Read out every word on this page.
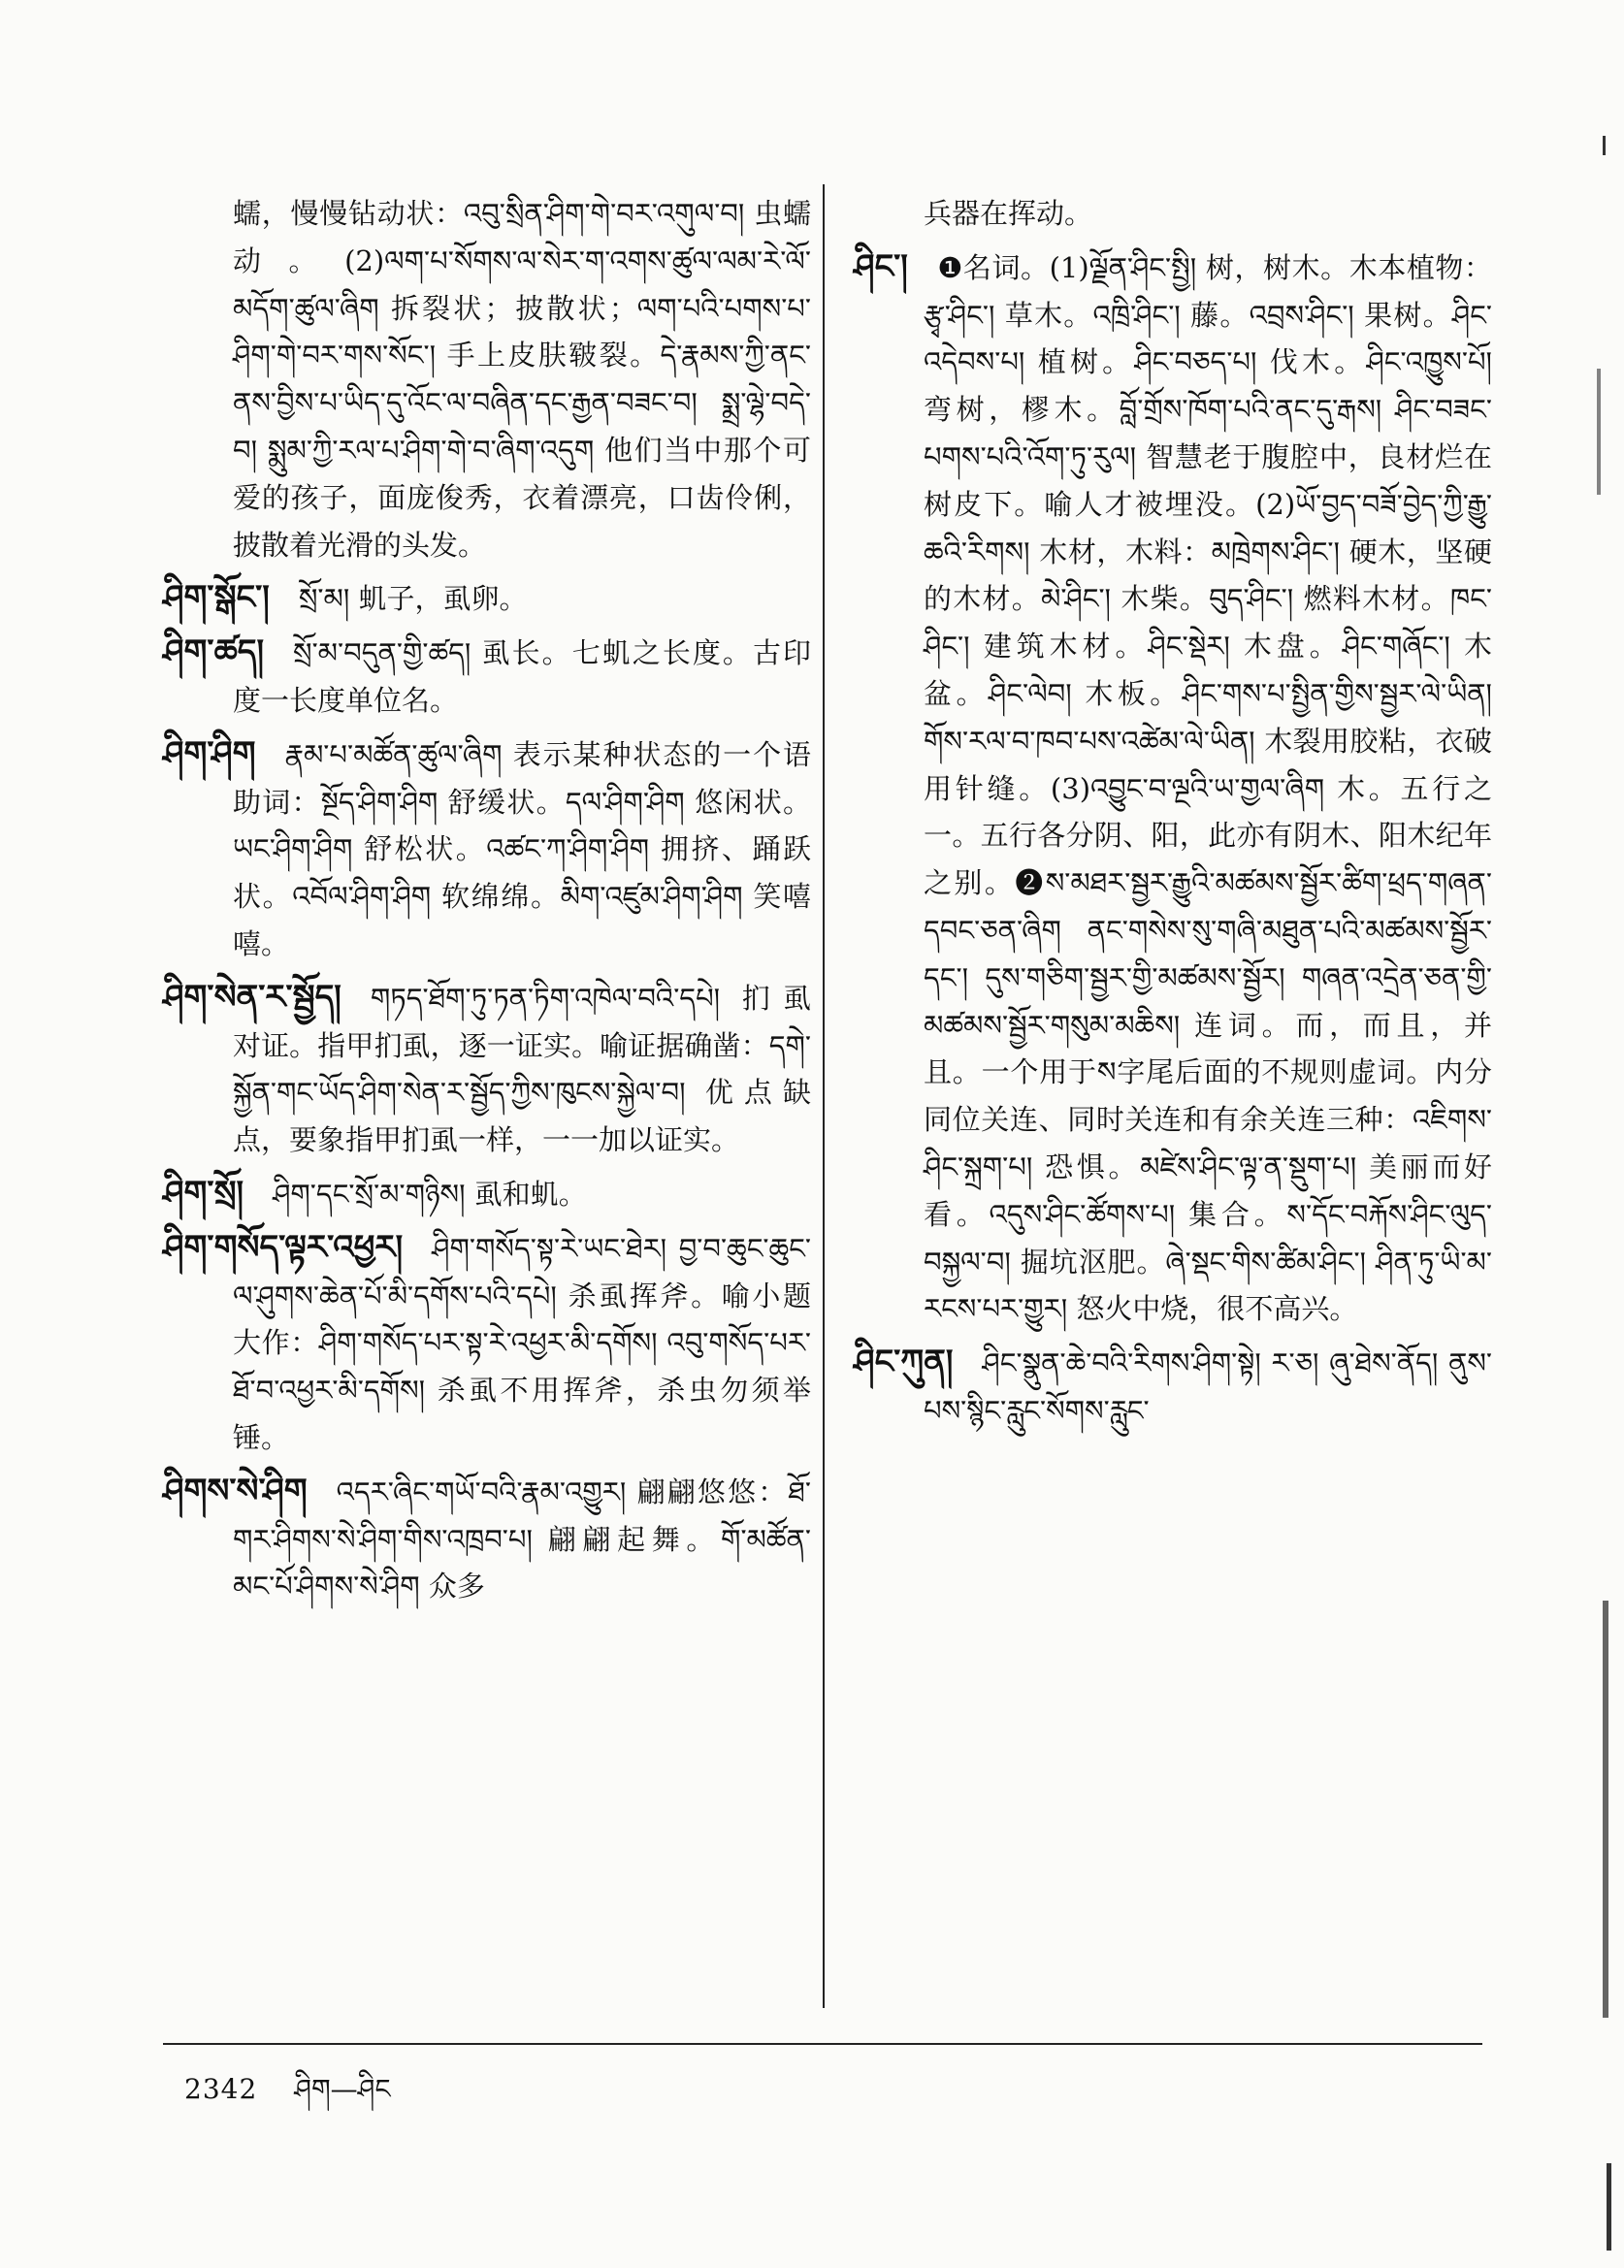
蠕，慢慢钻动状：འབུ་སྲིན་ཤིག་གེ་བར་འགུལ་བ། 虫蠕动。(2)ལག་པ་སོགས་ལ་སེར་ག་འགས་ཚུལ་ལམ་རེ་ལོ་མདོག་ཚུལ་ཞིག 拆裂状；披散状；ལག་པའི་པགས་པ་ཤིག་གེ་བར་གས་སོང་། 手上皮肤皲裂。དེ་རྣམས་ཀྱི་ནང་ནས་བྱིས་པ་ཡིད་དུ་འོང་ལ་བཞིན་དང་རྒྱན་བཟང་བ། སྨྲ་ལྷེ་བདེ་བ། སྨུམ་ཀྱི་རལ་པ་ཤིག་གེ་བ་ཞིག་འདུག 他们当中那个可爱的孩子，面庞俊秀，衣着漂亮，口齿伶俐，披散着光滑的头发。

ཤིག་སྒོང་། སྲོ་མ། 虮子，虱卵。

ཤིག་ཚད། སྲོ་མ་བདུན་གྱི་ཚད། 虱长。七虮之长度。古印度一长度单位名。

ཤིག་ཤིག རྣམ་པ་མཚོན་ཚུལ་ཞིག 表示某种状态的一个语助词：སྔོད་ཤིག་ཤིག 舒缓状。དལ་ཤིག་ཤིག 悠闲状。ཡང་ཤིག་ཤིག 舒松状。འཚང་ཀ་ཤིག་ཤིག 拥挤、踊跃状。འབོལ་ཤིག་ཤིག 软绵绵。མིག་འཛུམ་ཤིག་ཤིག 笑嘻嘻。

ཤིག་སེན་ར་སྦྱོད། གཏད་ཐོག་ཏུ་ཏན་ཏིག་འཁེལ་བའི་དཔེ། 扪虱对证。指甲扪虱，逐一证实。喻证据确凿：དགེ་སྐྱོན་གང་ཡོད་ཤིག་སེན་ར་སྦྱོད་ཀྱིས་ཁུངས་སྐྱེལ་བ། 优点缺点，要象指甲扪虱一样，一一加以证实。

ཤིག་སྲོ། ཤིག་དང་སྲོ་མ་གཉིས། 虱和虮。

ཤིག་གསོད་ལྟར་འཕྱར། ཤིག་གསོད་སྟ་རེ་ཡང་ཐེར། བྱ་བ་ཆུང་ཆུང་ལ་ཤུགས་ཆེན་པོ་མི་དགོས་པའི་དཔེ། 杀虱挥斧。喻小题大作：ཤིག་གསོད་པར་སྟ་རེ་འཕྱར་མི་དགོས། འབུ་གསོད་པར་ཐོ་བ་འཕྱར་མི་དགོས། 杀虱不用挥斧，杀虫勿须举锤。

ཤིགས་སེ་ཤིག འདར་ཞིང་གཡོ་བའི་རྣམ་འགྱུར། 翩翩悠悠：ཐོ་གར་ཤིགས་སེ་ཤིག་གིས་འཁྲབ་པ། 翩翩起舞。གོ་མཚོན་མང་པོ་ཤིགས་སེ་ཤིག 众多

兵器在挥动。

ཤིང་། ❶名词。(1)ལྗོན་ཤིང་སྤྱི། 树，树木。木本植物：རྩྭ་ཤིང་། 草木。འཁྲི་ཤིང་། 藤。འབྲས་ཤིང་། 果树。ཤིང་འདེབས་པ། 植树。ཤིང་བཅད་པ། 伐木。ཤིང་འཁྱུས་པོ། 弯树，樛木。བློ་གྲོས་ཁོག་པའི་ནང་དུ་རྒས། ཤིང་བཟང་པགས་པའི་འོག་ཏུ་རུལ། 智慧老于腹腔中，良材烂在树皮下。喻人才被埋没。(2)ཡོ་བྱད་བཟོ་བྱེད་ཀྱི་རྒྱུ་ཆའི་རིགས། 木材，木料：མཁྲེགས་ཤིང་། 硬木，坚硬的木材。མེ་ཤིང་། 木柴。བུད་ཤིང་། 燃料木材。ཁང་ཤིང་། 建筑木材。ཤིང་སྡེར། 木盘。ཤིང་གཞོང་། 木盆。ཤིང་ལེབ། 木板。ཤིང་གས་པ་སྤྱིན་གྱིས་སྦྱར་ལེ་ཡིན། གོས་རལ་བ་ཁབ་པས་འཚེམ་ལེ་ཡིན། 木裂用胶粘，衣破用针缝。(3)འབྱུང་བ་ལྔའི་ཡ་གྱལ་ཞིག 木。五行之一。五行各分阴、阳，此亦有阴木、阳木纪年之别。❷ས་མཐར་སྦྱར་རྒྱུའི་མཚམས་སྦྱོར་ཚིག་ཕྲད་གཞན་དབང་ཅན་ཞིག ནང་གསེས་སུ་གཞི་མཐུན་པའི་མཚམས་སྦྱོར་དང་། དུས་གཅིག་སྦྱར་གྱི་མཚམས་སྦྱོར། གཞན་འདྲེན་ཅན་གྱི་མཚམས་སྦྱོར་གསུམ་མཆིས། 连词。而，而且，并且。一个用于ས字尾后面的不规则虚词。内分同位关连、同时关连和有余关连三种：འཇིགས་ཤིང་སྐྲག་པ། 恐惧。མཛེས་ཤིང་ལྟ་ན་སྡུག་པ། 美丽而好看。འདུས་ཤིང་ཚོགས་པ། 集合。ས་དོང་བརྐོས་ཤིང་ལུད་བསྐྱལ་བ། 掘坑沤肥。ཞེ་སྡང་གིས་ཚིམ་ཤིང་། ཤིན་ཏུ་ཡི་མ་རངས་པར་གྱུར། 怒火中烧，很不高兴。

ཤིང་ཀུན། ཤིང་སྣུན་ཆེ་བའི་རིགས་ཤིག་སྟེ། ར་ཅ། ཞུ་ཐེས་ནོད། ནུས་པས་སྙིང་རླུང་སོགས་རླུང་

2342 ཤིག—ཤིང
